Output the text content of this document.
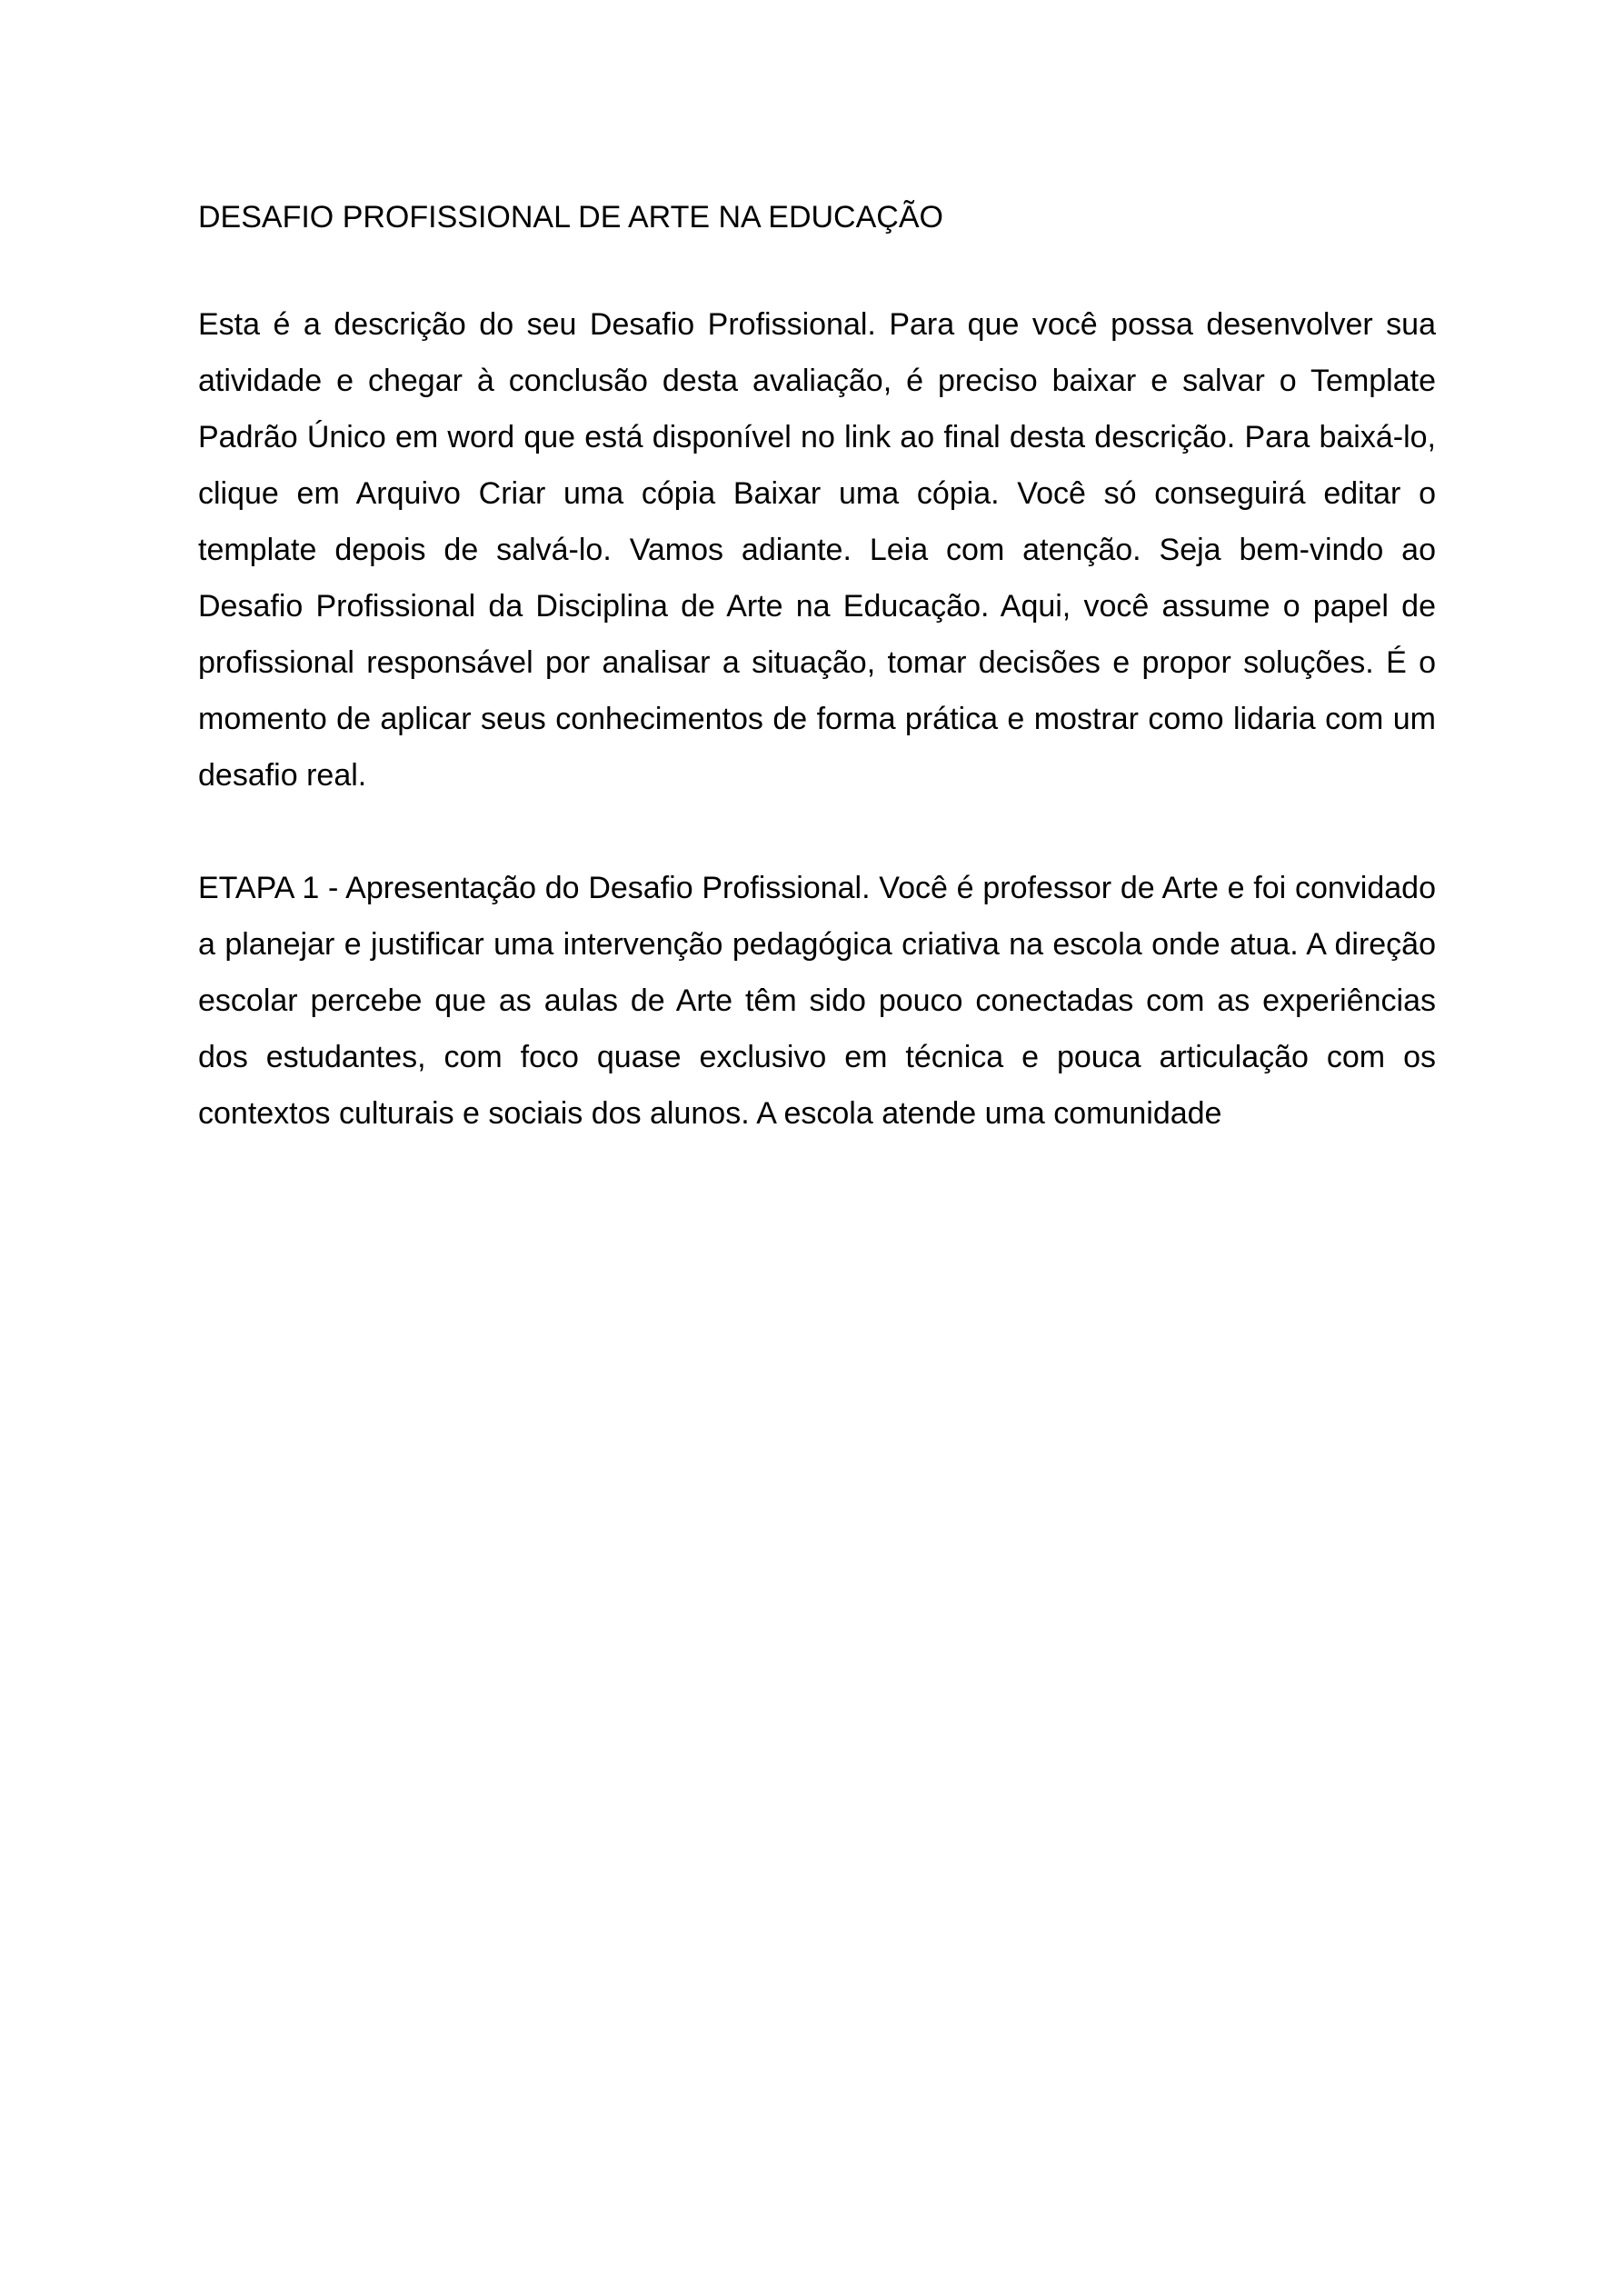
DESAFIO PROFISSIONAL DE ARTE NA EDUCAÇÃO

Esta é a descrição do seu Desafio Profissional. Para que você possa desenvolver sua atividade e chegar à conclusão desta avaliação, é preciso baixar e salvar o Template Padrão Único em word que está disponível no link ao final desta descrição. Para baixá-lo, clique em Arquivo Criar uma cópia Baixar uma cópia. Você só conseguirá editar o template depois de salvá-lo. Vamos adiante. Leia com atenção. Seja bem-vindo ao Desafio Profissional da Disciplina de Arte na Educação. Aqui, você assume o papel de profissional responsável por analisar a situação, tomar decisões e propor soluções. É o momento de aplicar seus conhecimentos de forma prática e mostrar como lidaria com um desafio real.

ETAPA 1 - Apresentação do Desafio Profissional. Você é professor de Arte e foi convidado a planejar e justificar uma intervenção pedagógica criativa na escola onde atua. A direção escolar percebe que as aulas de Arte têm sido pouco conectadas com as experiências dos estudantes, com foco quase exclusivo em técnica e pouca articulação com os contextos culturais e sociais dos alunos. A escola atende uma comunidade
